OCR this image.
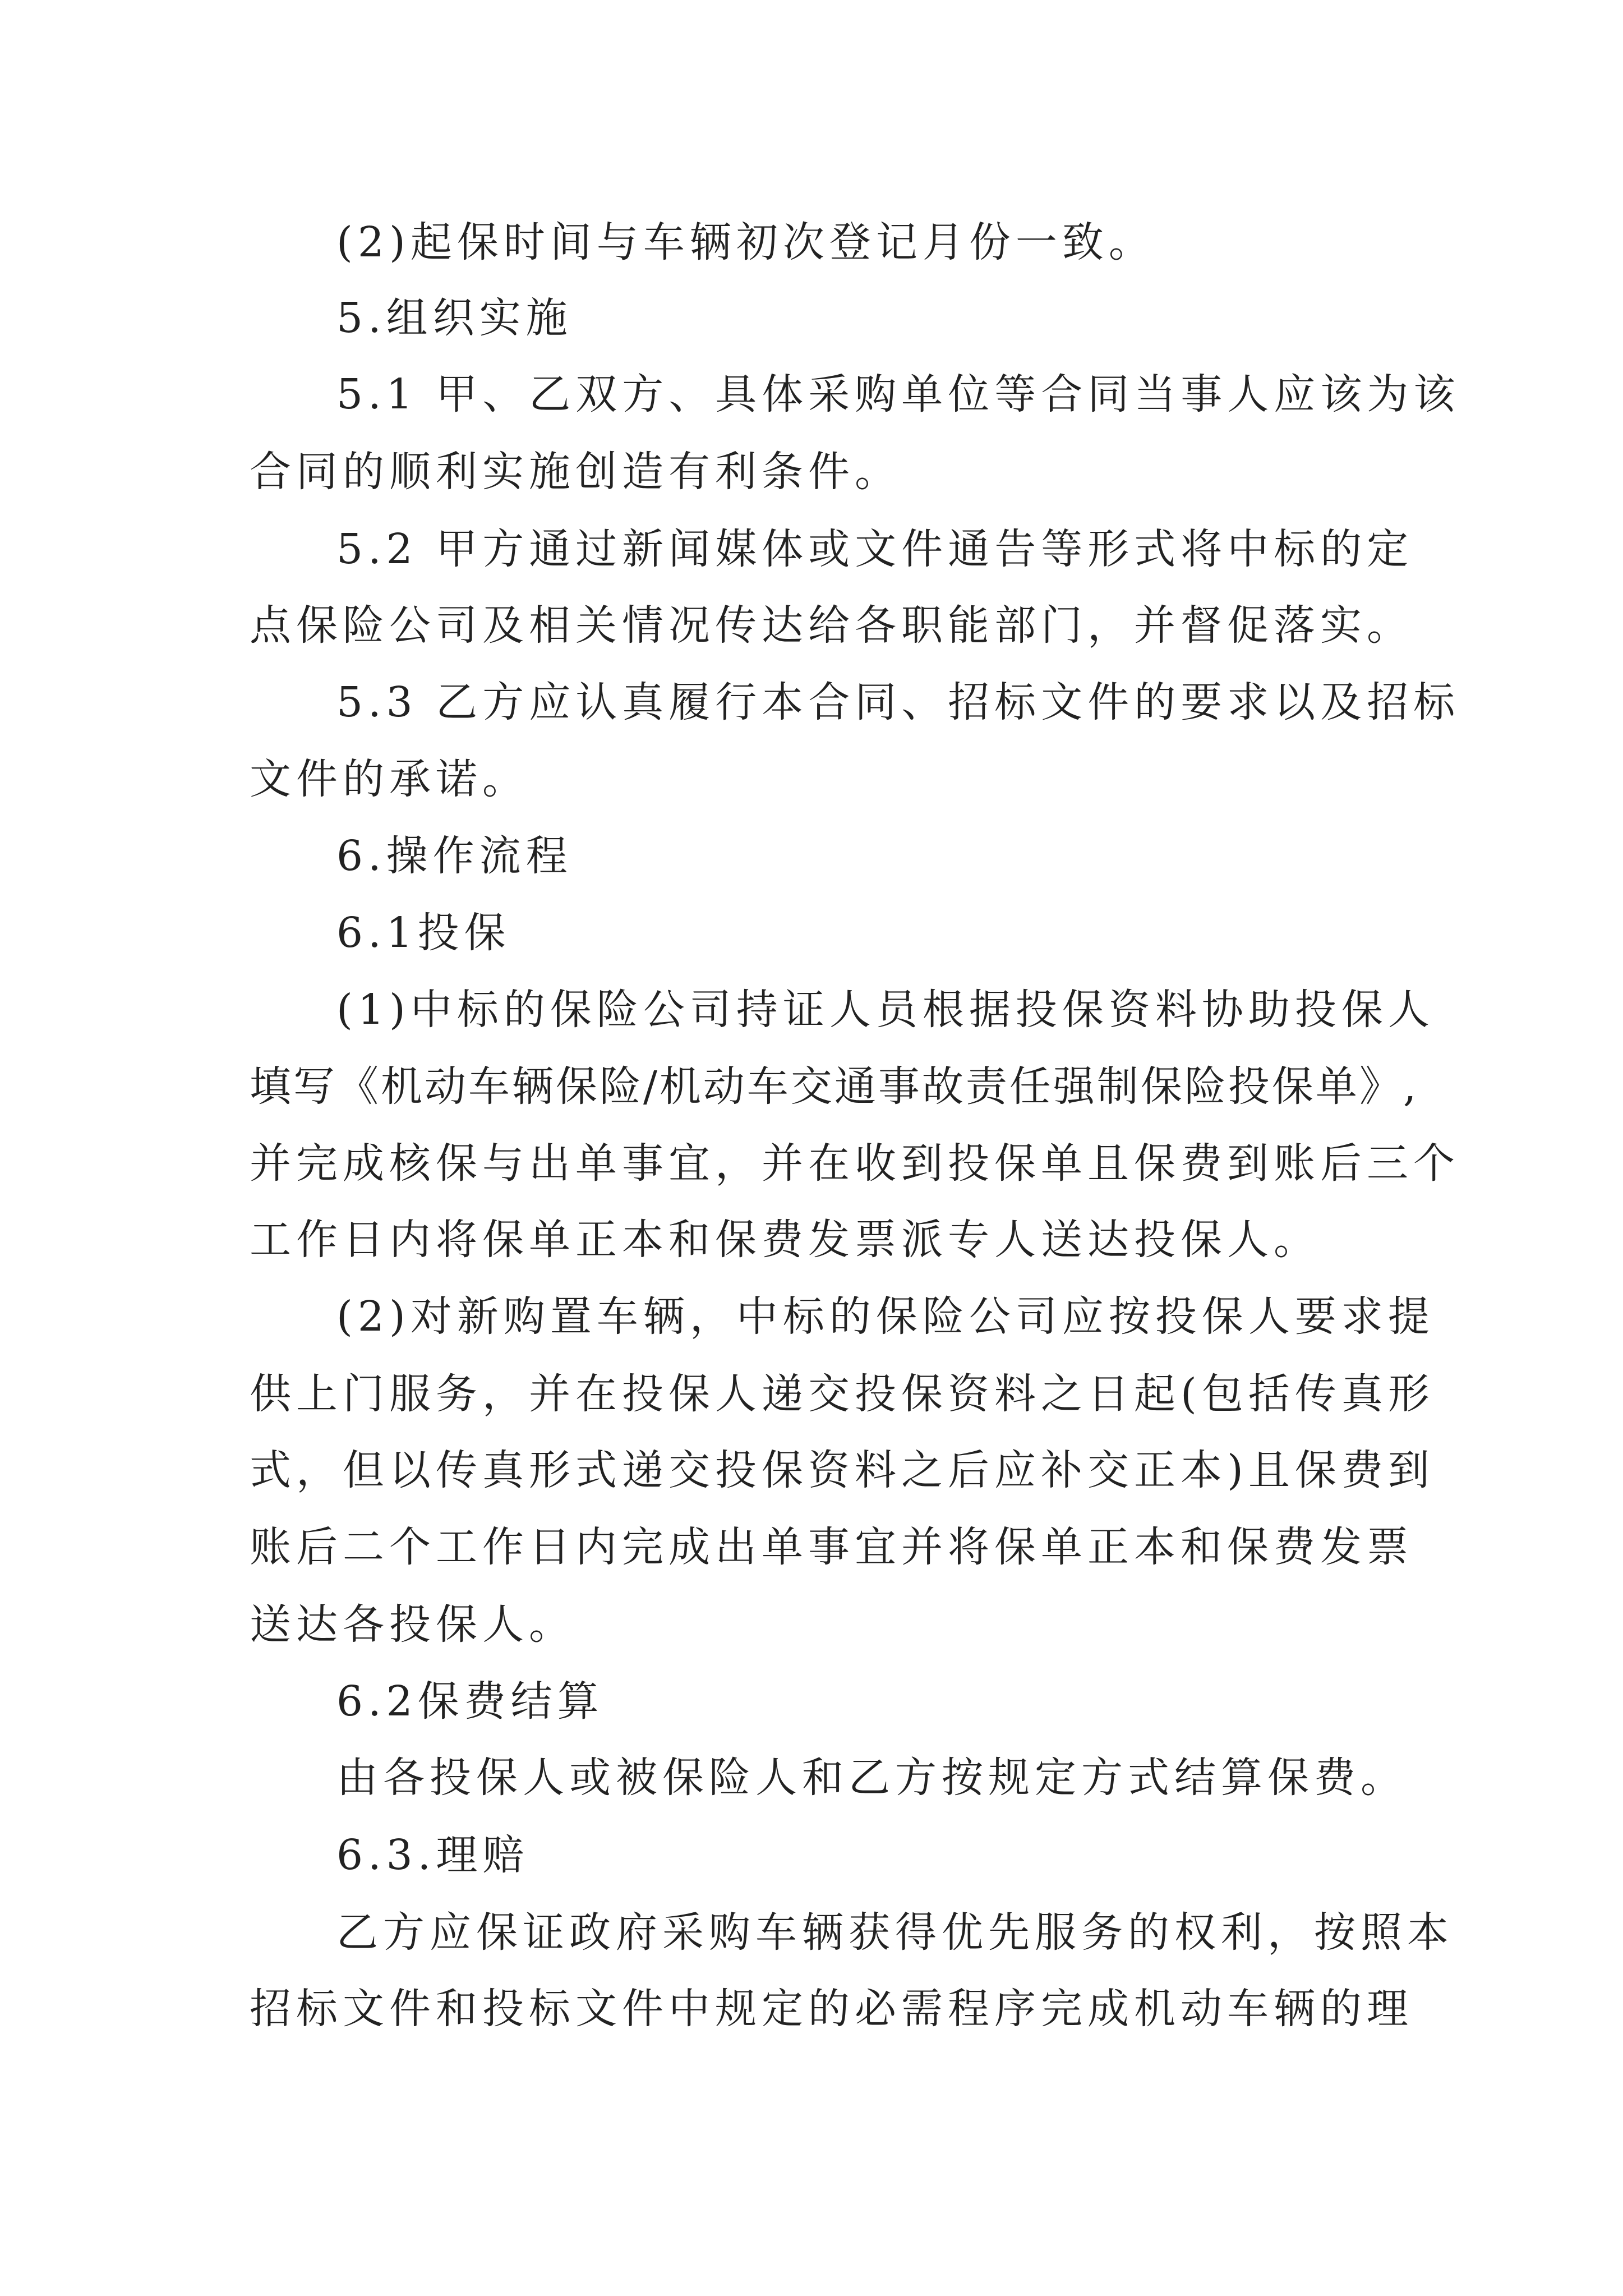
(2)起保时间与车辆初次登记月份一致。
5.组织实施
5.1 甲、乙双方、具体采购单位等合同当事人应该为该
合同的顺利实施创造有利条件。
5.2 甲方通过新闻媒体或文件通告等形式将中标的定
点保险公司及相关情况传达给各职能部门，并督促落实。
5.3 乙方应认真履行本合同、招标文件的要求以及招标
文件的承诺。
6.操作流程
6.1投保
(1)中标的保险公司持证人员根据投保资料协助投保人
填写《机动车辆保险/机动车交通事故责任强制保险投保单》,
并完成核保与出单事宜，并在收到投保单且保费到账后三个
工作日内将保单正本和保费发票派专人送达投保人。
(2)对新购置车辆，中标的保险公司应按投保人要求提
供上门服务，并在投保人递交投保资料之日起(包括传真形
式，但以传真形式递交投保资料之后应补交正本)且保费到
账后二个工作日内完成出单事宜并将保单正本和保费发票
送达各投保人。
6.2保费结算
由各投保人或被保险人和乙方按规定方式结算保费。
6.3.理赔
乙方应保证政府采购车辆获得优先服务的权利，按照本
招标文件和投标文件中规定的必需程序完成机动车辆的理
